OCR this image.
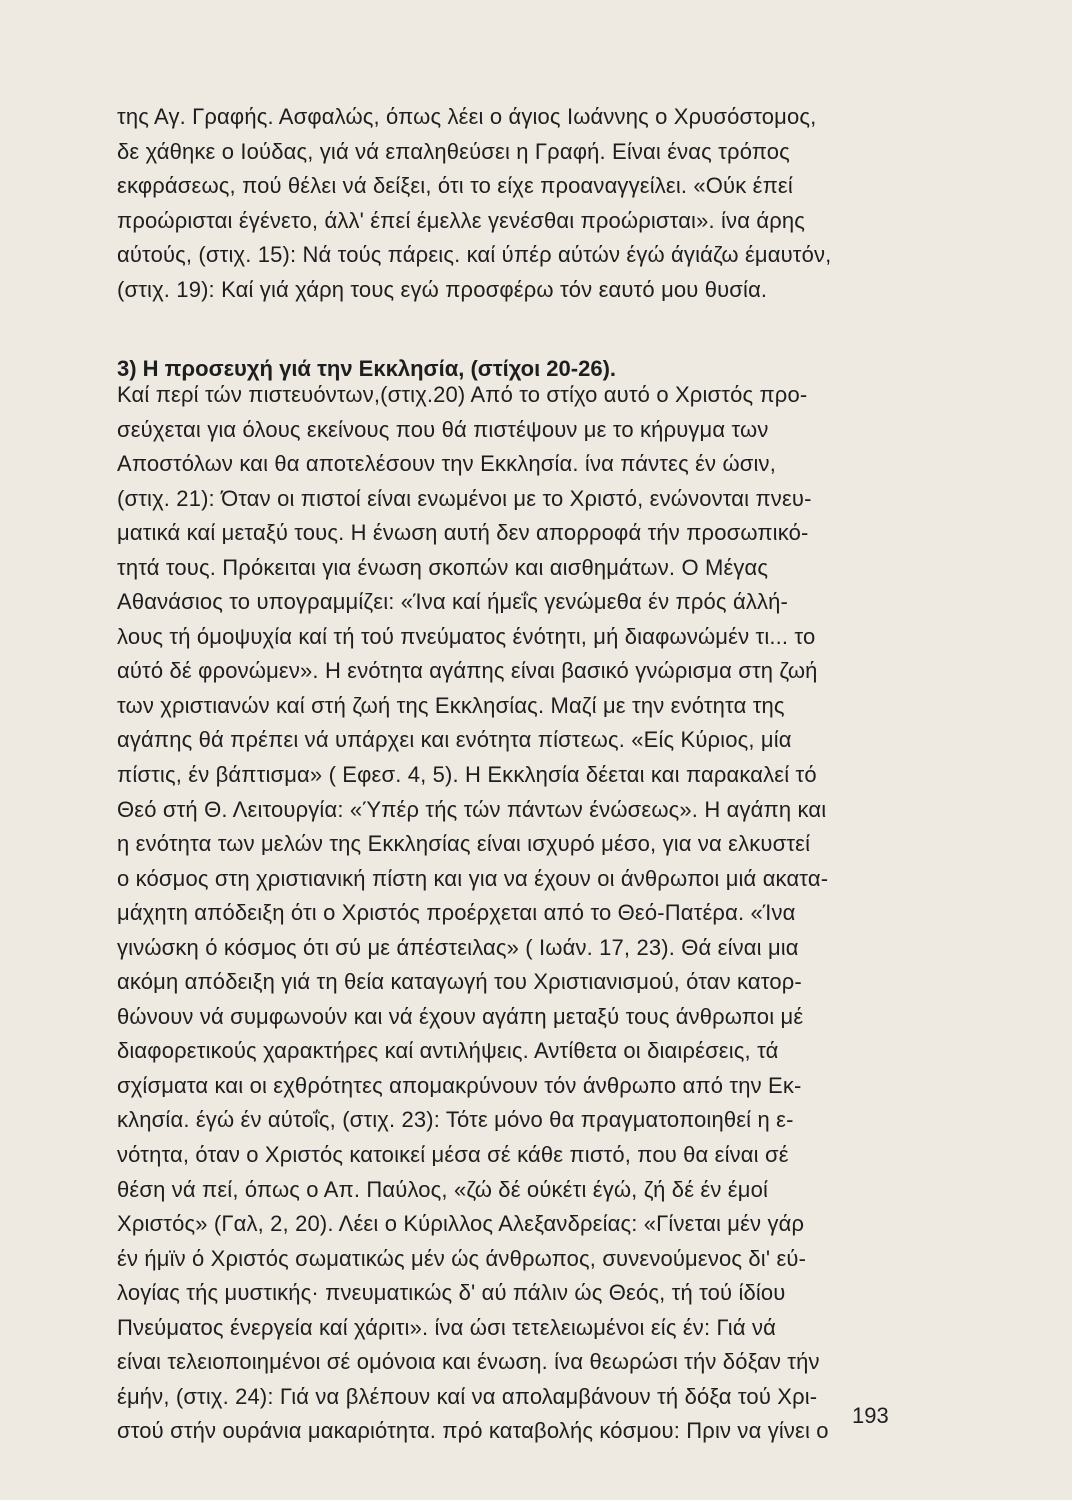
της Αγ. Γραφής. Ασφαλώς, όπως λέει ο άγιος Ιωάννης ο Χρυσόστομος,
δε χάθηκε ο Ιούδας, γιά νά επαληθεύσει η Γραφή. Είναι ένας τρόπος
εκφράσεως, πού θέλει νά δείξει, ότι το είχε προαναγγείλει. «Ούκ έπεί
προώρισται έγένετο, άλλ' έπεί έμελλε γενέσθαι προώρισται». ίνα άρης
αύτούς, (στιχ. 15): Νά τούς πάρεις. καί ύπέρ αύτών έγώ άγιάζω έμαυτόν,
(στιχ. 19): Καί γιά χάρη τους εγώ προσφέρω τόν εαυτό μου θυσία.
3) Η προσευχή γιά την Εκκλησία, (στίχοι 20-26).
Καί περί τών πιστευόντων,(στιχ.20) Από το στίχο αυτό ο Χριστός προ-
σεύχεται για όλους εκείνους που θά πιστέψουν με το κήρυγμα των
Αποστόλων και θα αποτελέσουν την Εκκλησία. ίνα πάντες έν ώσιν,
(στιχ. 21): Όταν οι πιστοί είναι ενωμένοι με το Χριστό, ενώνονται πνευ-
ματικά καί μεταξύ τους. Η ένωση αυτή δεν απορροφά τήν προσωπικό-
τητά τους. Πρόκειται για ένωση σκοπών και αισθημάτων. Ο Μέγας
Αθανάσιος το υπογραμμίζει: «Ίνα καί ήμεΐς γενώμεθα έν πρός άλλή-
λους τή όμοψυχία καί τή τού πνεύματος ένότητι, μή διαφωνώμέν τι... το
αύτό δέ φρονώμεν». Η ενότητα αγάπης είναι βασικό γνώρισμα στη ζωή
των χριστιανών καί στή ζωή της Εκκλησίας. Μαζί με την ενότητα της
αγάπης θά πρέπει νά υπάρχει και ενότητα πίστεως. «Είς Κύριος, μία
πίστις, έν βάπτισμα» ( Εφεσ. 4, 5). Η Εκκλησία δέεται και παρακαλεί τό
Θεό στή Θ. Λειτουργία: «Ύπέρ τής τών πάντων ένώσεως». Η αγάπη και
η ενότητα των μελών της Εκκλησίας είναι ισχυρό μέσο, για να ελκυστεί
ο κόσμος στη χριστιανική πίστη και για να έχουν οι άνθρωποι μιά ακατα-
μάχητη απόδειξη ότι ο Χριστός προέρχεται από το Θεό-Πατέρα. «Ίνα
γινώσκη ό κόσμος ότι σύ με άπέστειλας» ( Ιωάν. 17, 23). Θά είναι μια
ακόμη απόδειξη γιά τη θεία καταγωγή του Χριστιανισμού, όταν κατορ-
θώνουν νά συμφωνούν και νά έχουν αγάπη μεταξύ τους άνθρωποι μέ
διαφορετικούς χαρακτήρες καί αντιλήψεις. Αντίθετα οι διαιρέσεις, τά
σχίσματα και οι εχθρότητες απομακρύνουν τόν άνθρωπο από την Εκ-
κλησία. έγώ έν αύτοΐς, (στιχ. 23): Τότε μόνο θα πραγματοποιηθεί η ε-
νότητα, όταν ο Χριστός κατοικεί μέσα σέ κάθε πιστό, που θα είναι σέ
θέση νά πεί, όπως ο Απ. Παύλος, «ζώ δέ ούκέτι έγώ, ζή δέ έν έμοί
Χριστός» (Γαλ, 2, 20). Λέει ο Κύριλλος Αλεξανδρείας: «Γίνεται μέν γάρ
έν ήμϊν ό Χριστός σωματικώς μέν ώς άνθρωπος, συνενούμενος δι' εύ-
λογίας τής μυστικής· πνευματικώς δ' αύ πάλιν ώς Θεός, τή τού ίδίου
Πνεύματος ένεργεία καί χάριτι». ίνα ώσι τετελειωμένοι είς έν: Γιά νά
είναι τελειοποιημένοι σέ ομόνοια και ένωση. ίνα θεωρώσι τήν δόξαν τήν
έμήν, (στιχ. 24): Γιά να βλέπουν καί να απολαμβάνουν τή δόξα τού Χρι-
στού στήν ουράνια μακαριότητα. πρό καταβολής κόσμου: Πριν να γίνει ο
193
